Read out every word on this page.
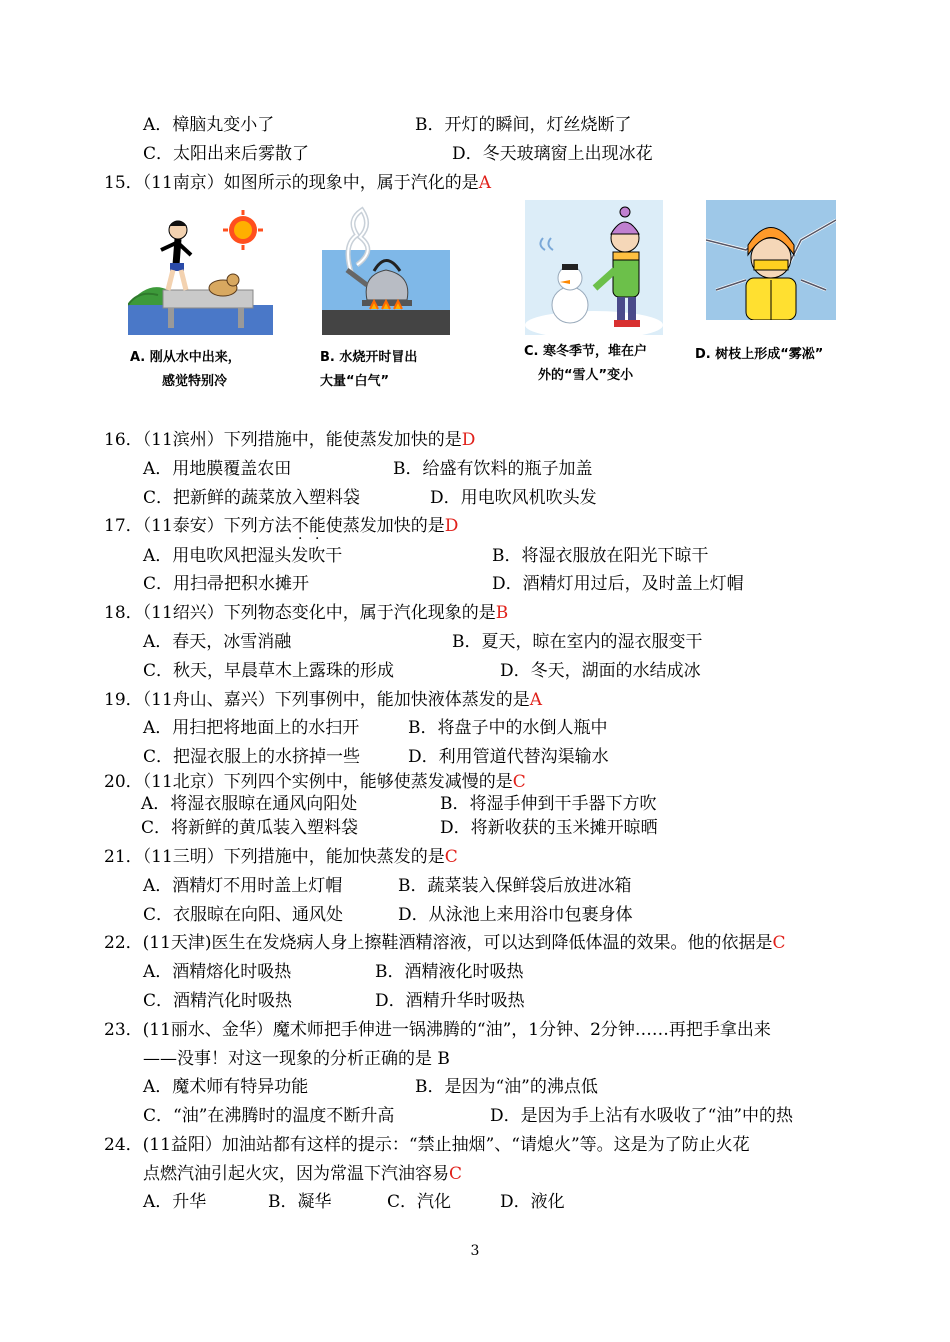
A．樟脑丸变小了	B．开灯的瞬间，灯丝烧断了
C．太阳出来后雾散了	D．冬天玻璃窗上出现冰花
15．（11南京）如图所示的现象中，属于汽化的是A
A. 刚从水中出来，
感觉特别冷
B. 水烧开时冒出
大量“白气”
C. 寒冬季节，堆在户
外的“雪人”变小
D. 树枝上形成“雾凇”
16．（11滨州）下列措施中，能使蒸发加快的是D
A．用地膜覆盖农田	B．给盛有饮料的瓶子加盖
C．把新鲜的蔬菜放入塑料袋	D．用电吹风机吹头发
17．（11泰安）下列方法不能使蒸发加快的是D
A．用电吹风把湿头发吹干	B．将湿衣服放在阳光下晾干
C．用扫帚把积水摊开	D．酒精灯用过后，及时盖上灯帽
18．（11绍兴）下列物态变化中，属于汽化现象的是B
A．春天，冰雪消融	B．夏天，晾在室内的湿衣服变干
C．秋天，早晨草木上露珠的形成	D．冬天，湖面的水结成冰
19．（11舟山、嘉兴）下列事例中，能加快液体蒸发的是A
A．用扫把将地面上的水扫开	B．将盘子中的水倒人瓶中
C．把湿衣服上的水挤掉一些	D．利用管道代替沟渠输水
20．（11北京）下列四个实例中，能够使蒸发减慢的是C
A．将湿衣服晾在通风向阳处	B．将湿手伸到干手器下方吹
C．将新鲜的黄瓜装入塑料袋	D．将新收获的玉米摊开晾晒
21．（11三明）下列措施中，能加快蒸发的是C
A．酒精灯不用时盖上灯帽	B．蔬菜装入保鲜袋后放进冰箱
C．衣服晾在向阳、通风处	D．从泳池上来用浴巾包裹身体
22．(11天津)医生在发烧病人身上擦鞋酒精溶液，可以达到降低体温的效果。他的依据是C
A．酒精熔化时吸热	B．酒精液化时吸热
C．酒精汽化时吸热	D．酒精升华时吸热
23．(11丽水、金华）魔术师把手伸进一锅沸腾的“油”，1分钟、2分钟……再把手拿出来
——没事！对这一现象的分析正确的是 B
A．魔术师有特异功能	B．是因为“油”的沸点低
C．“油”在沸腾时的温度不断升高	D．是因为手上沾有水吸收了“油”中的热
24．(11益阳）加油站都有这样的提示：“禁止抽烟”、“请熄火”等。这是为了防止火花
点燃汽油引起火灾，因为常温下汽油容易C
A．升华	B．凝华	C．汽化	D．液化
3
